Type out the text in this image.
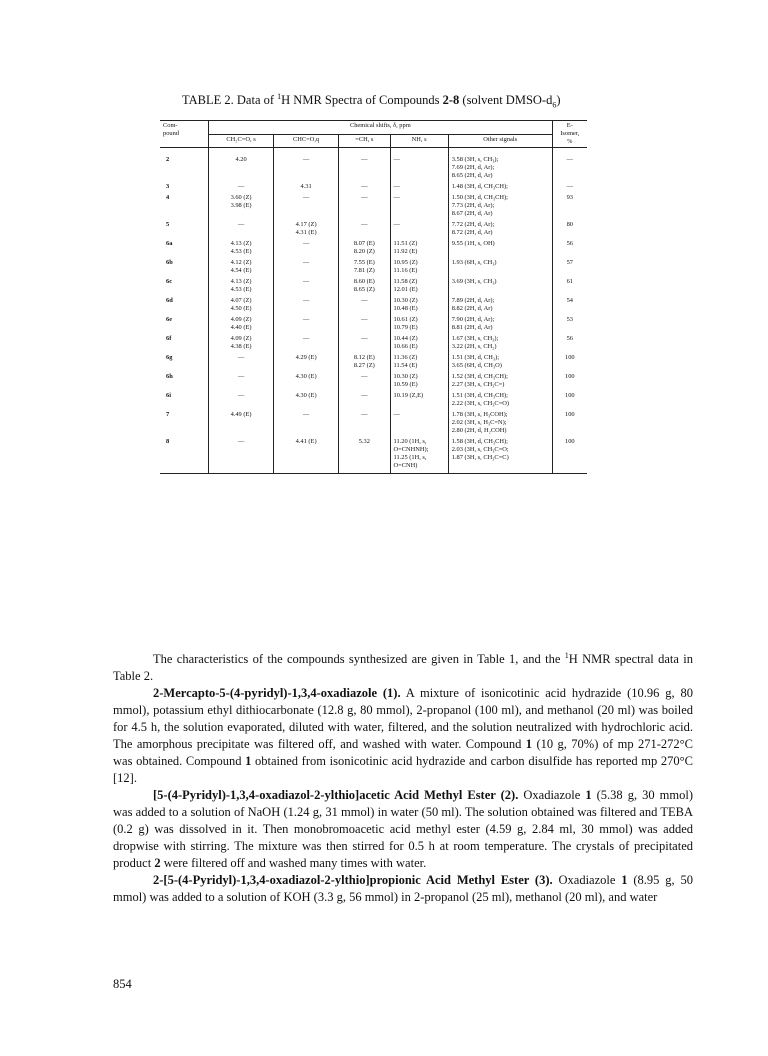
TABLE 2. Data of $^1$H NMR Spectra of Compounds 2-8 (solvent DMSO-$d_6$)
Com-
pound	Chemical shifts, δ, ppm					E-
Isomer,
%
	CH₂C=O, s	CHC=O,q	=CH, s	NH, s	Other signals	
2	4.20	—	—	—	3.58 (3H, s, CH₃);
7.69 (2H, d, Ar);
8.65 (2H, d, Ar)	—
3	—	4.31	—	—	1.48 (3H, d, CH₃CH);	—
4	3.60 (Z)
3.98 (E)	—	—	—	1.50 (3H, d, CH₃CH);
7.73 (2H, d, Ar);
8.67 (2H, d, Ar)	93
5	—	4.17 (Z)
4.31 (E)	—	—	7.72 (2H, d, Ar);
8.72 (2H, d, Ar)	80
6a	4.13 (Z)
4.53 (E)	—	8.07 (E)
8.20 (Z)	11.51 (Z)
11.92 (E)	9.55 (1H, s, OH)	56
6b	4.12 (Z)
4.54 (E)	—	7.55 (E)
7.81 (Z)	10.95 (Z)
11.16 (E)	1.93 (6H, s, CH₃)	57
6c	4.13 (Z)
4.53 (E)	—	8.60 (E)
8.65 (Z)	11.58 (Z)
12.01 (E)	3.69 (3H, s, CH₃)	61
6d	4.07 (Z)
4.50 (E)	—	—	10.30 (Z)
10.48 (E)	7.89 (2H, d, Ar);
8.82 (2H, d, Ar)	54
6e	4.09 (Z)
4.40 (E)	—	—	10.61 (Z)
10.79 (E)	7.90 (2H, d, Ar);
8.81 (2H, d, Ar)	53
6f	4.09 (Z)
4.38 (E)	—	—	10.44 (Z)
10.66 (E)	1.67 (3H, s, CH₃);
3.22 (2H, s, CH₂)	56
6g	—	4.29 (E)	8.12 (E)
8.27 (Z)	11.36 (Z)
11.54 (E)	1.51 (3H, d, CH₃);
3.65 (6H, d, CH₃O)	100
6h	—	4.30 (E)	—	10.30 (Z)
10.59 (E)	1.52 (3H, d, CH₃CH);
2.27 (3H, s, CH₃C=)	100
6i	—	4.30 (E)	—	10.19 (Z,E)	1.51 (3H, d, CH₃CH);
2.22 (3H, s, CH₃C=O)	100
7	4.49 (E)	—	—	—	1.78 (3H, s, H₃COH);
2.02 (3H, s, H₃C=N);
2.80 (2H, d, H₂COH)	100
8	—	4.41 (E)	5.32	11.20 (1H, s,
O=CNHNH);
11.25 (1H, s,
O=CNH)	1.58 (3H, d, CH₃CH);
2.03 (3H, s, CH₃C=O;
1.87 (3H, s, CH₃C=C)	100

The characteristics of the compounds synthesized are given in Table 1, and the $^1$H NMR spectral data in Table 2.

2-Mercapto-5-(4-pyridyl)-1,3,4-oxadiazole (1). A mixture of isonicotinic acid hydrazide (10.96 g, 80 mmol), potassium ethyl dithiocarbonate (12.8 g, 80 mmol), 2-propanol (100 ml), and methanol (20 ml) was boiled for 4.5 h, the solution evaporated, diluted with water, filtered, and the solution neutralized with hydrochloric acid. The amorphous precipitate was filtered off, and washed with water. Compound 1 (10 g, 70%) of mp 271-272°C was obtained. Compound 1 obtained from isonicotinic acid hydrazide and carbon disulfide has reported mp 270°C [12].

[5-(4-Pyridyl)-1,3,4-oxadiazol-2-ylthio]acetic Acid Methyl Ester (2). Oxadiazole 1 (5.38 g, 30 mmol) was added to a solution of NaOH (1.24 g, 31 mmol) in water (50 ml). The solution obtained was filtered and TEBA (0.2 g) was dissolved in it. Then monobromoacetic acid methyl ester (4.59 g, 2.84 ml, 30 mmol) was added dropwise with stirring. The mixture was then stirred for 0.5 h at room temperature. The crystals of precipitated product 2 were filtered off and washed many times with water.

2-[5-(4-Pyridyl)-1,3,4-oxadiazol-2-ylthio]propionic Acid Methyl Ester (3). Oxadiazole 1 (8.95 g, 50 mmol) was added to a solution of KOH (3.3 g, 56 mmol) in 2-propanol (25 ml), methanol (20 ml), and water

854
